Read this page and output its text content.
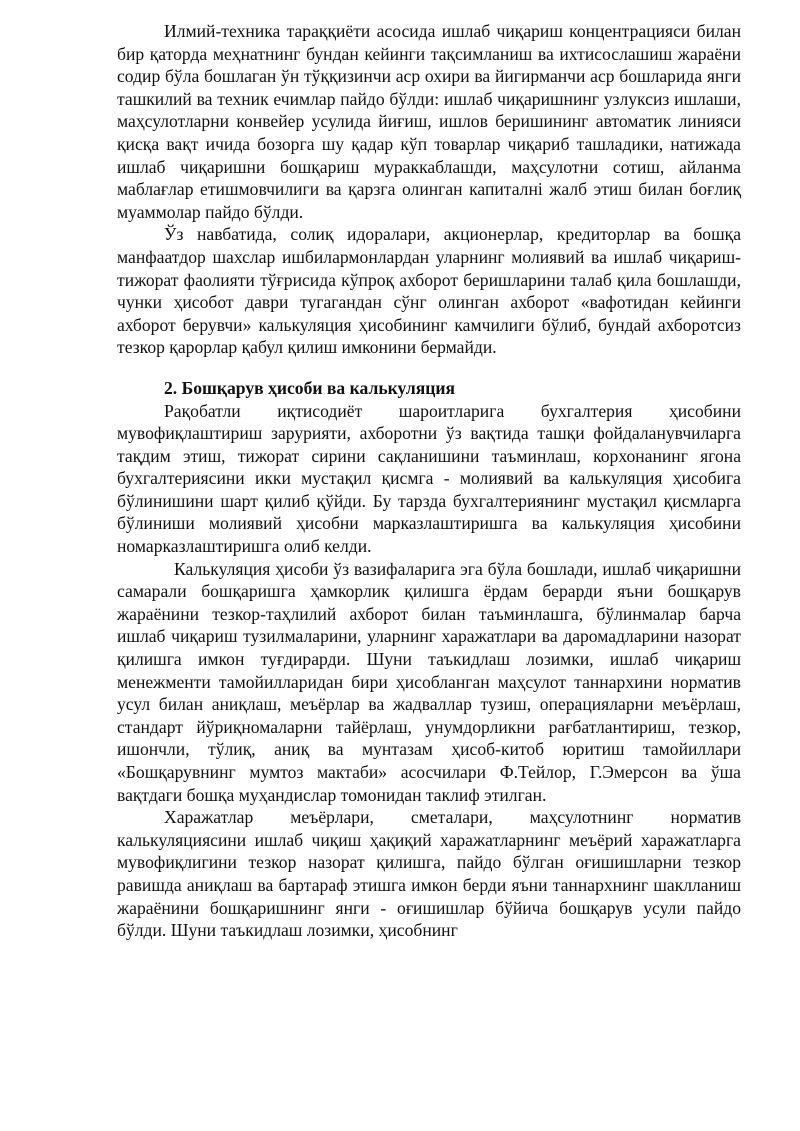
Илмий-техника тараққиёти асосида ишлаб чиқариш концентрацияси билан бир қаторда меҳнатнинг бундан кейинги тақсимланиш ва ихтисослашиш жараёни содир бўла бошлаган ўн тўққизинчи аср охири ва йигирманчи аср бошларида янги ташкилий ва техник ечимлар пайдо бўлди: ишлаб чиқаришнинг узлуксиз ишлаши, маҳсулотларни конвейер усулида йиғиш, ишлов беришининг автоматик линияси қисқа вақт ичида бозорга шу қадар кўп товарлар чиқариб ташладики, натижада ишлаб чиқаришни бошқариш мураккаблашди, маҳсулотни сотиш, айланма маблағлар етишмовчилиги ва қарзга олинган капиталнi жалб этиш билан боғлиқ муаммолар пайдо бўлди.

Ўз навбатида, солиқ идоралари, акционерлар, кредиторлар ва бошқа манфаатдор шахслар ишбилармонлардан уларнинг молиявий ва ишлаб чиқариш-тижорат фаолияти тўғрисида кўпроқ ахборот беришларини талаб қила бошлашди, чунки ҳисобот даври тугагандан сўнг олинган ахборот «вафотидан кейинги ахборот берувчи» калькуляция ҳисобининг камчилиги бўлиб, бундай ахборотсиз тезкор қарорлар қабул қилиш имконини бермайди.

2. Бошқарув ҳисоби ва калькуляция

Рақобатли иқтисодиёт шароитларига бухгалтерия ҳисобини мувофиқлаштириш зарурияти, ахборотни ўз вақтида ташқи фойдаланувчиларга тақдим этиш, тижорат сирини сақланишини таъминлаш, корхонанинг ягона бухгалтериясини икки мустақил қисмга - молиявий ва калькуляция ҳисобига бўлинишини шарт қилиб қўйди. Бу тарзда бухгалтериянинг мустақил қисмларга бўлиниши молиявий ҳисобни марказлаштиришга ва калькуляция ҳисобини номарказлаштиришга олиб келди.

Калькуляция ҳисоби ўз вазифаларига эга бўла бошлади, ишлаб чиқаришни самарали бошқаришга ҳамкорлик қилишга ёрдам берарди яъни бошқарув жараёнини тезкор-таҳлилий ахборот билан таъминлашга, бўлинмалар барча ишлаб чиқариш тузилмаларини, уларнинг харажатлари ва даромадларини назорат қилишга имкон туғдирарди. Шуни таъкидлаш лозимки, ишлаб чиқариш менежменти тамойилларидан бири ҳисобланган маҳсулот таннархини норматив усул билан аниқлаш, меъёрлар ва жадваллар тузиш, операцияларни меъёрлаш, стандарт йўриқномаларни тайёрлаш, унумдорликни рағбатлантириш, тезкор, ишончли, тўлиқ, аниқ ва мунтазам ҳисоб-китоб юритиш тамойиллари «Бошқарувнинг мумтоз мактаби» асосчилари Ф.Тейлор, Г.Эмерсон ва ўша вақтдаги бошқа муҳандислар томонидан таклиф этилган.

Харажатлар меъёрлари, сметалари, маҳсулотнинг норматив калькуляциясини ишлаб чиқиш ҳақиқий харажатларнинг меъёрий харажатларга мувофиқлигини тезкор назорат қилишга, пайдо бўлган оғишишларни тезкор равишда аниқлаш ва бартараф этишга имкон берди яъни таннархнинг шаклланиш жараёнини бошқаришнинг янги - оғишишлар бўйича бошқарув усули пайдо бўлди. Шуни таъкидлаш лозимки, ҳисобнинг
